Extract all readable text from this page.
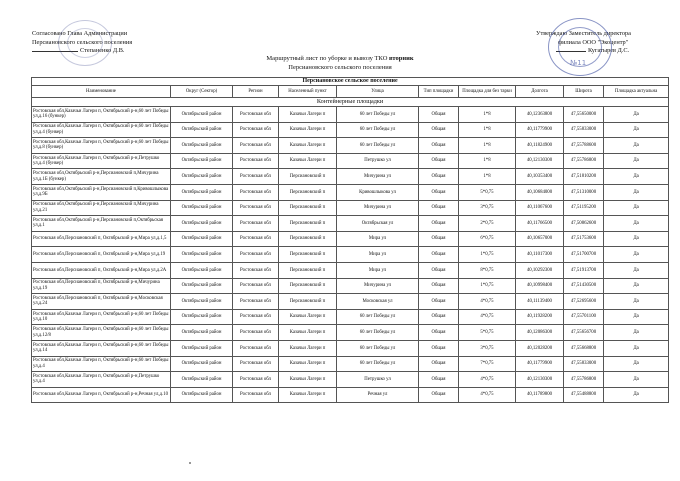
Согласовано Глава Администрации
Персиановского сельского поселения
Степаненко Д.В.
Утверждаю Заместитель директора
филиала ООО "Экоцентр"
Кугатырев Д.С.
№11
Маршрутный лист по уборке и вывозу ТКО вторник
Персиановского сельского поселения
Персиановское сельское поселение									
Наименование	Округ (Сектор)	Регион	Населенный пункт	Улица	Тип площадки	Площадка для без тарки	Долгота	Широта	Площадка актуальна
Контейнерные площадки									
Ростовская обл,Казачьи Лагери п, Октябрьский р-н,60 лет Победы ул,д.16 (бункер)	Октябрьский район	Ростовская обл	Казачьи Лагери п	60 лет Победы ул	Общая	1*8	40,12363800	47,55650000	Да
Ростовская обл,Казачьи Лагери п, Октябрьский р-н,60 лет Победы ул,д.4 (бункер)	Октябрьский район	Ростовская обл	Казачьи Лагери п	60 лет Победы ул	Общая	1*8	40,11779900	47,55833000	Да
Ростовская обл,Казачьи Лагери п, Октябрьский р-н,60 лет Победы ул,д.8 (бункер)	Октябрьский район	Ростовская обл	Казачьи Лагери п	60 лет Победы ул	Общая	1*8	40,11824900	47,55788600	Да
Ростовская обл,Казачьи Лагери п, Октябрьский р-н,Петрушко ул,д.4 (бункер)	Октябрьский район	Ростовская обл	Казачьи Лагери п	Петрушко ул	Общая	1*8	40,12130300	47,55786800	Да
Ростовская обл,Октябрьский р-н,Персиановский п,Мичурина ул,д.1Б (бункер)	Октябрьский район	Ростовская обл	Персиановский п	Мичурина ул	Общая	1*8	40,10353400	47,51810200	Да
Ростовская обл,Октябрьский р-н,Персиановский п,Кривошлыкова ул,д.9Б	Октябрьский район	Ростовская обл	Персиановский п	Кривошлыкова ул	Общая	5*0,75	40,10684000	47,51310000	Да
Ростовская обл,Октябрьский р-н,Персиановский п,Мичурина ул,д.21	Октябрьский район	Ростовская обл	Персиановский п	Мичурина ул	Общая	3*0,75	40,11067600	47,51195200	Да
Ростовская обл,Октябрьский р-н,Персиановский п,Октябрьская ул,д.1	Октябрьский район	Ростовская обл	Персиановский п	Октябрьская ул	Общая	2*0,75	40,11766500	47,50862600	Да
Ростовская обл,Персиановский п, Октябрьский р-н,Мира ул,д.1,5	Октябрьский район	Ростовская обл	Персиановский п	Мира ул	Общая	6*0,75	40,10657000	47,51753600	Да
Ростовская обл,Персиановский п, Октябрьский р-н,Мира ул,д.19	Октябрьский район	Ростовская обл	Персиановский п	Мира ул	Общая	1*0,75	40,11017300	47,51700700	Да
Ростовская обл,Персиановский п, Октябрьский р-н,Мира ул,д.2А	Октябрьский район	Ростовская обл	Персиановский п	Мира ул	Общая	8*0,75	40,10292300	47,51913700	Да
Ростовская обл,Персиановский п, Октябрьский р-н,Мичурина ул,д.19	Октябрьский район	Ростовская обл	Персиановский п	Мичурина ул	Общая	1*0,75	40,10998400	47,51430500	Да
Ростовская обл,Персиановский п, Октябрьский р-н,Московская ул,д.24	Октябрьский район	Ростовская обл	Персиановский п	Московская ул	Общая	4*0,75	40,11139400	47,52695600	Да
Ростовская обл,Казачьи Лагери п, Октябрьский р-н,60 лет Победы ул,д.10	Октябрьский район	Ростовская обл	Казачьи Лагери п	60 лет Победы ул	Общая	4*0,75	40,11928200	47,55701100	Да
Ростовская обл,Казачьи Лагери п, Октябрьский р-н,60 лет Победы ул,д.12/8	Октябрьский район	Ростовская обл	Казачьи Лагери п	60 лет Победы ул	Общая	5*0,75	40,12086300	47,55656700	Да
Ростовская обл,Казачьи Лагери п, Октябрьский р-н,60 лет Победы ул,д.14	Октябрьский район	Ростовская обл	Казачьи Лагери п	60 лет Победы ул	Общая	3*0,75	40,12028200	47,55668800	Да
Ростовская обл,Казачьи Лагери п, Октябрьский р-н,60 лет Победы ул,д.4	Октябрьский район	Ростовская обл	Казачьи Лагери п	60 лет Победы ул	Общая	7*0,75	40,11779900	47,55833000	Да
Ростовская обл,Казачьи Лагери п, Октябрьский р-н,Петрушко ул,д.4	Октябрьский район	Ростовская обл	Казачьи Лагери п	Петрушко ул	Общая	4*0,75	40,12130300	47,55786800	Да
Ростовская обл,Казачьи Лагери п, Октябрьский р-н,Речная ул,д.10	Октябрьский район	Ростовская обл	Казачьи Лагери п	Речная ул	Общая	4*0,75	40,11789800	47,55488800	Да
